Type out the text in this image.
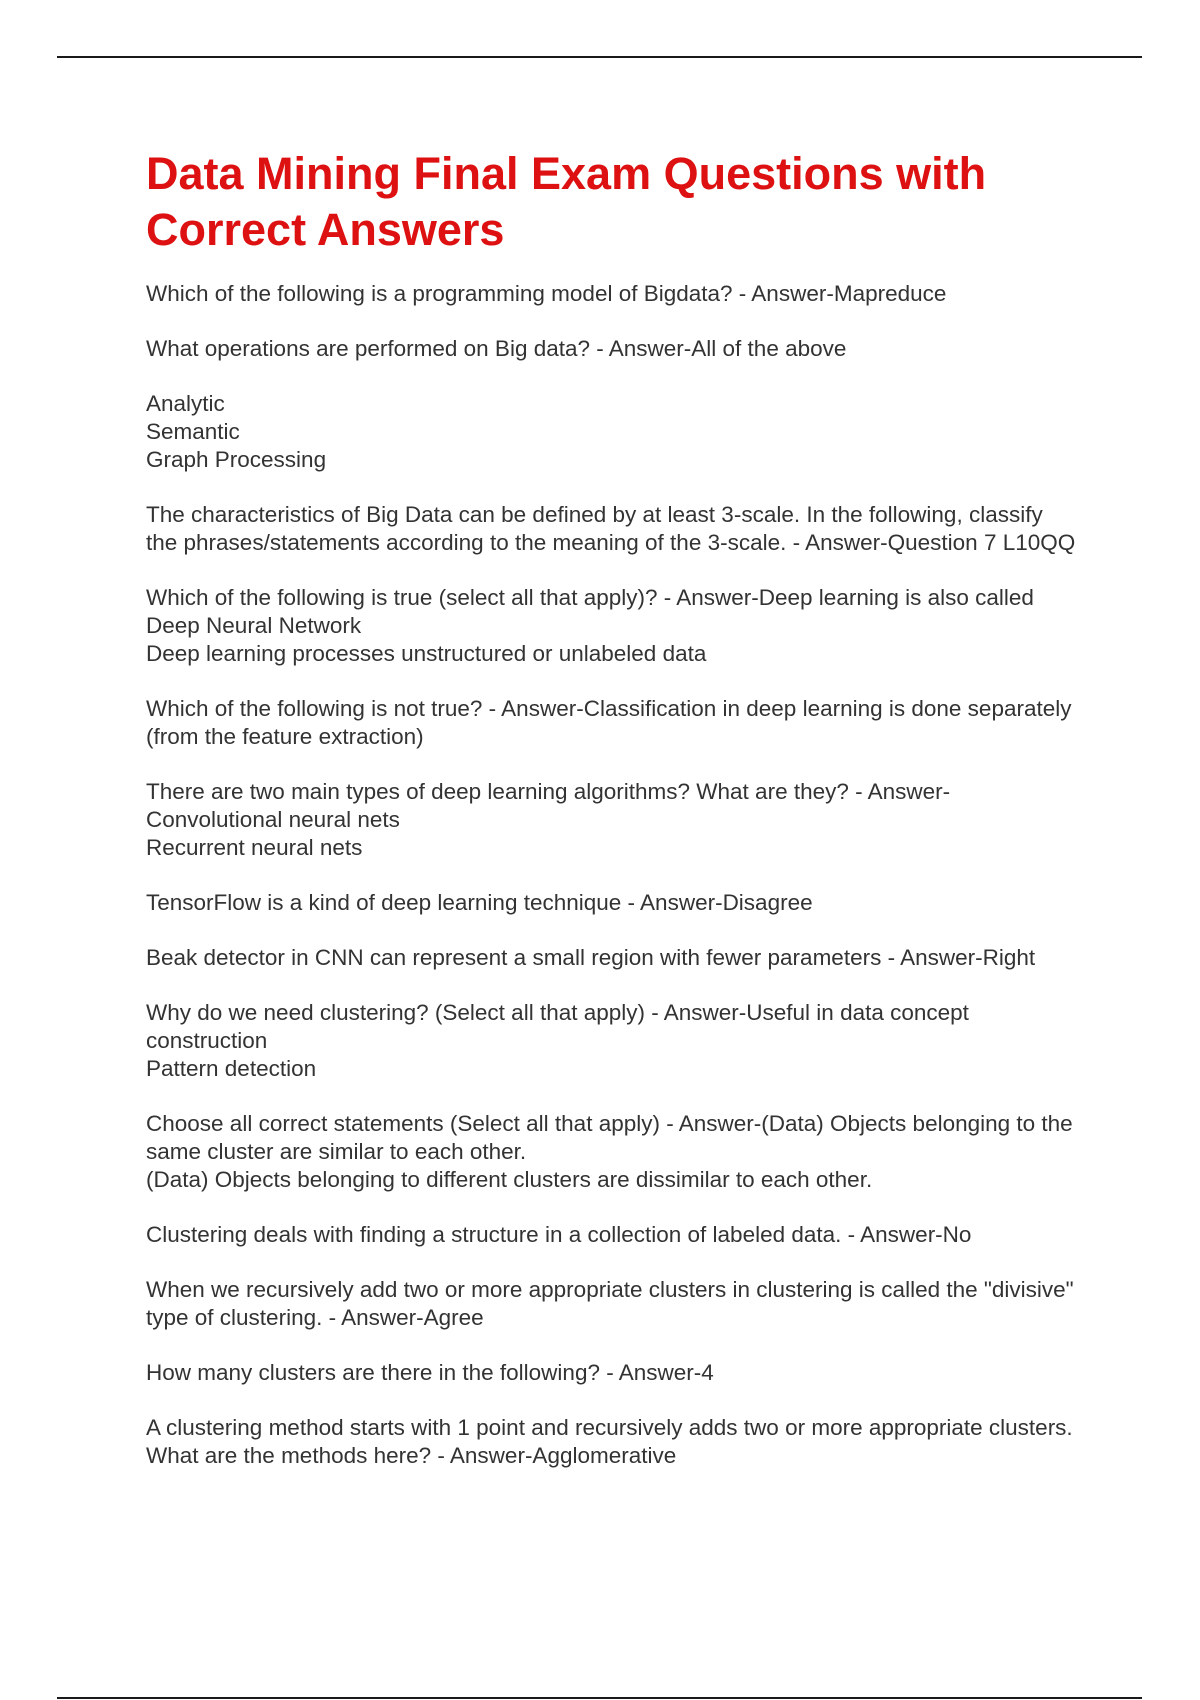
Data Mining Final Exam Questions with Correct Answers
Which of the following is a programming model of Bigdata? - Answer-Mapreduce
What operations are performed on Big data? - Answer-All of the above
Analytic
Semantic
Graph Processing
The characteristics of Big Data can be defined by at least 3-scale. In the following, classify the phrases/statements according to the meaning of the 3-scale. - Answer-Question 7 L10QQ
Which of the following is true (select all that apply)? - Answer-Deep learning is also called Deep Neural Network
Deep learning processes unstructured or unlabeled data
Which of the following is not true? - Answer-Classification in deep learning is done separately (from the feature extraction)
There are two main types of deep learning algorithms? What are they? - Answer-Convolutional neural nets
Recurrent neural nets
TensorFlow is a kind of deep learning technique - Answer-Disagree
Beak detector in CNN can represent a small region with fewer parameters - Answer-Right
Why do we need clustering? (Select all that apply) - Answer-Useful in data concept construction
Pattern detection
Choose all correct statements (Select all that apply) - Answer-(Data) Objects belonging to the same cluster are similar to each other.
(Data) Objects belonging to different clusters are dissimilar to each other.
Clustering deals with finding a structure in a collection of labeled data. - Answer-No
When we recursively add two or more appropriate clusters in clustering is called the "divisive" type of clustering. - Answer-Agree
How many clusters are there in the following? - Answer-4
A clustering method starts with 1 point and recursively adds two or more appropriate clusters. What are the methods here? - Answer-Agglomerative
